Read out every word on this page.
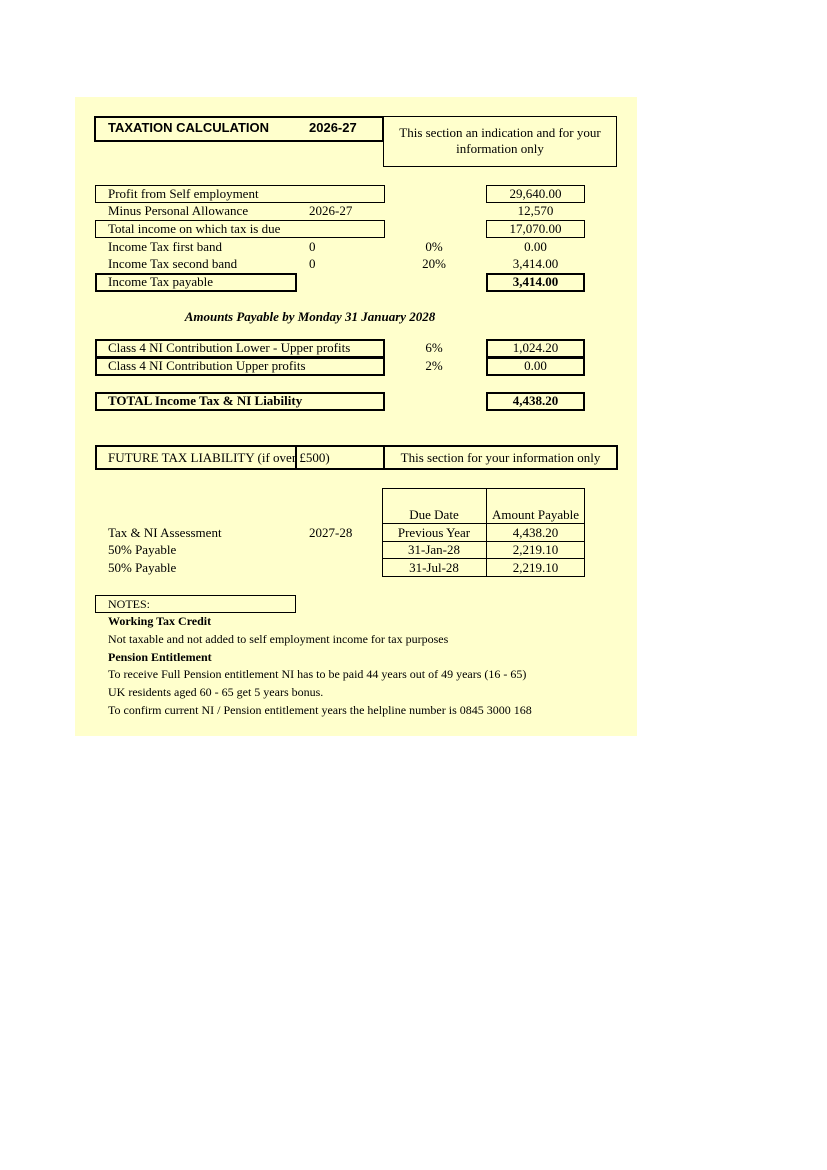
TAXATION CALCULATION	2026-27	This section an indication and for your information only
Profit from Self employment	29,640.00
Minus Personal Allowance	2026-27	12,570
Total income on which tax is due	17,070.00
Income Tax first band	0	0%	0.00
Income Tax second band	0	20%	3,414.00
Income Tax payable	3,414.00
Amounts Payable by Monday 31 January 2028
Class 4 NI Contribution Lower - Upper profits	6%	1,024.20
Class 4 NI Contribution Upper profits	2%	0.00
TOTAL Income Tax & NI Liability	4,438.20
FUTURE TAX LIABILITY (if over £500)	This section for your information only
Due Date	Amount Payable
Tax & NI Assessment	2027-28	Previous Year	4,438.20
50% Payable	31-Jan-28	2,219.10
50% Payable	31-Jul-28	2,219.10
NOTES:
Working Tax Credit
Not taxable and not added to self employment income for tax purposes
Pension Entitlement
To receive Full Pension entitlement NI has to be paid 44 years out of 49 years (16 - 65)
UK residents aged 60 - 65 get 5 years bonus.
To confirm current NI / Pension entitlement years the helpline number is 0845 3000 168
